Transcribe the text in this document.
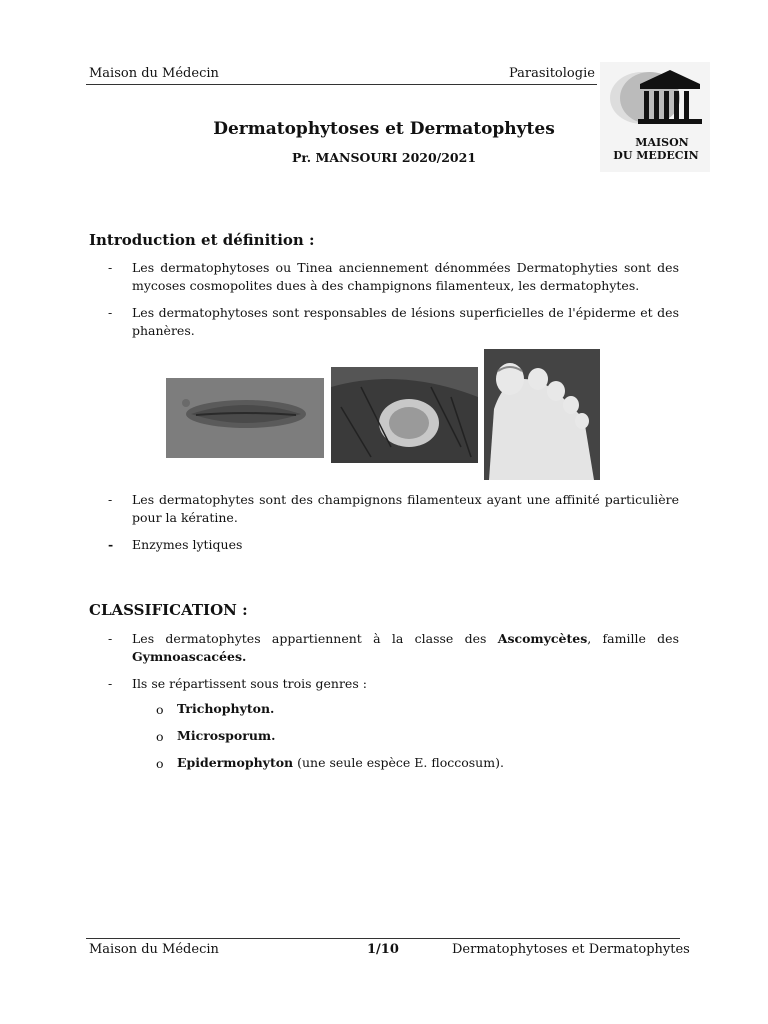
Maison du Médecin	Parasitologie
MAISON
DU MEDECIN
Dermatophytoses et Dermatophytes
Pr. MANSOURI 2020/2021
Introduction et définition :
- Les dermatophytoses ou Tinea anciennement dénommées Dermatophyties sont des mycoses cosmopolites dues à des champignons filamenteux, les dermatophytes.
- Les dermatophytoses sont responsables de lésions superficielles de l'épiderme et des phanères.
- Les dermatophytes sont des champignons filamenteux ayant une affinité particulière pour la kératine.
- Enzymes lytiques
CLASSIFICATION :
- Les dermatophytes appartiennent à la classe des Ascomycètes, famille des Gymnoascacées.
- Ils se répartissent sous trois genres :
o Trichophyton.
o Microsporum.
o Epidermophyton (une seule espèce E. floccosum).
Maison du Médecin	1/10	Dermatophytoses et Dermatophytes
